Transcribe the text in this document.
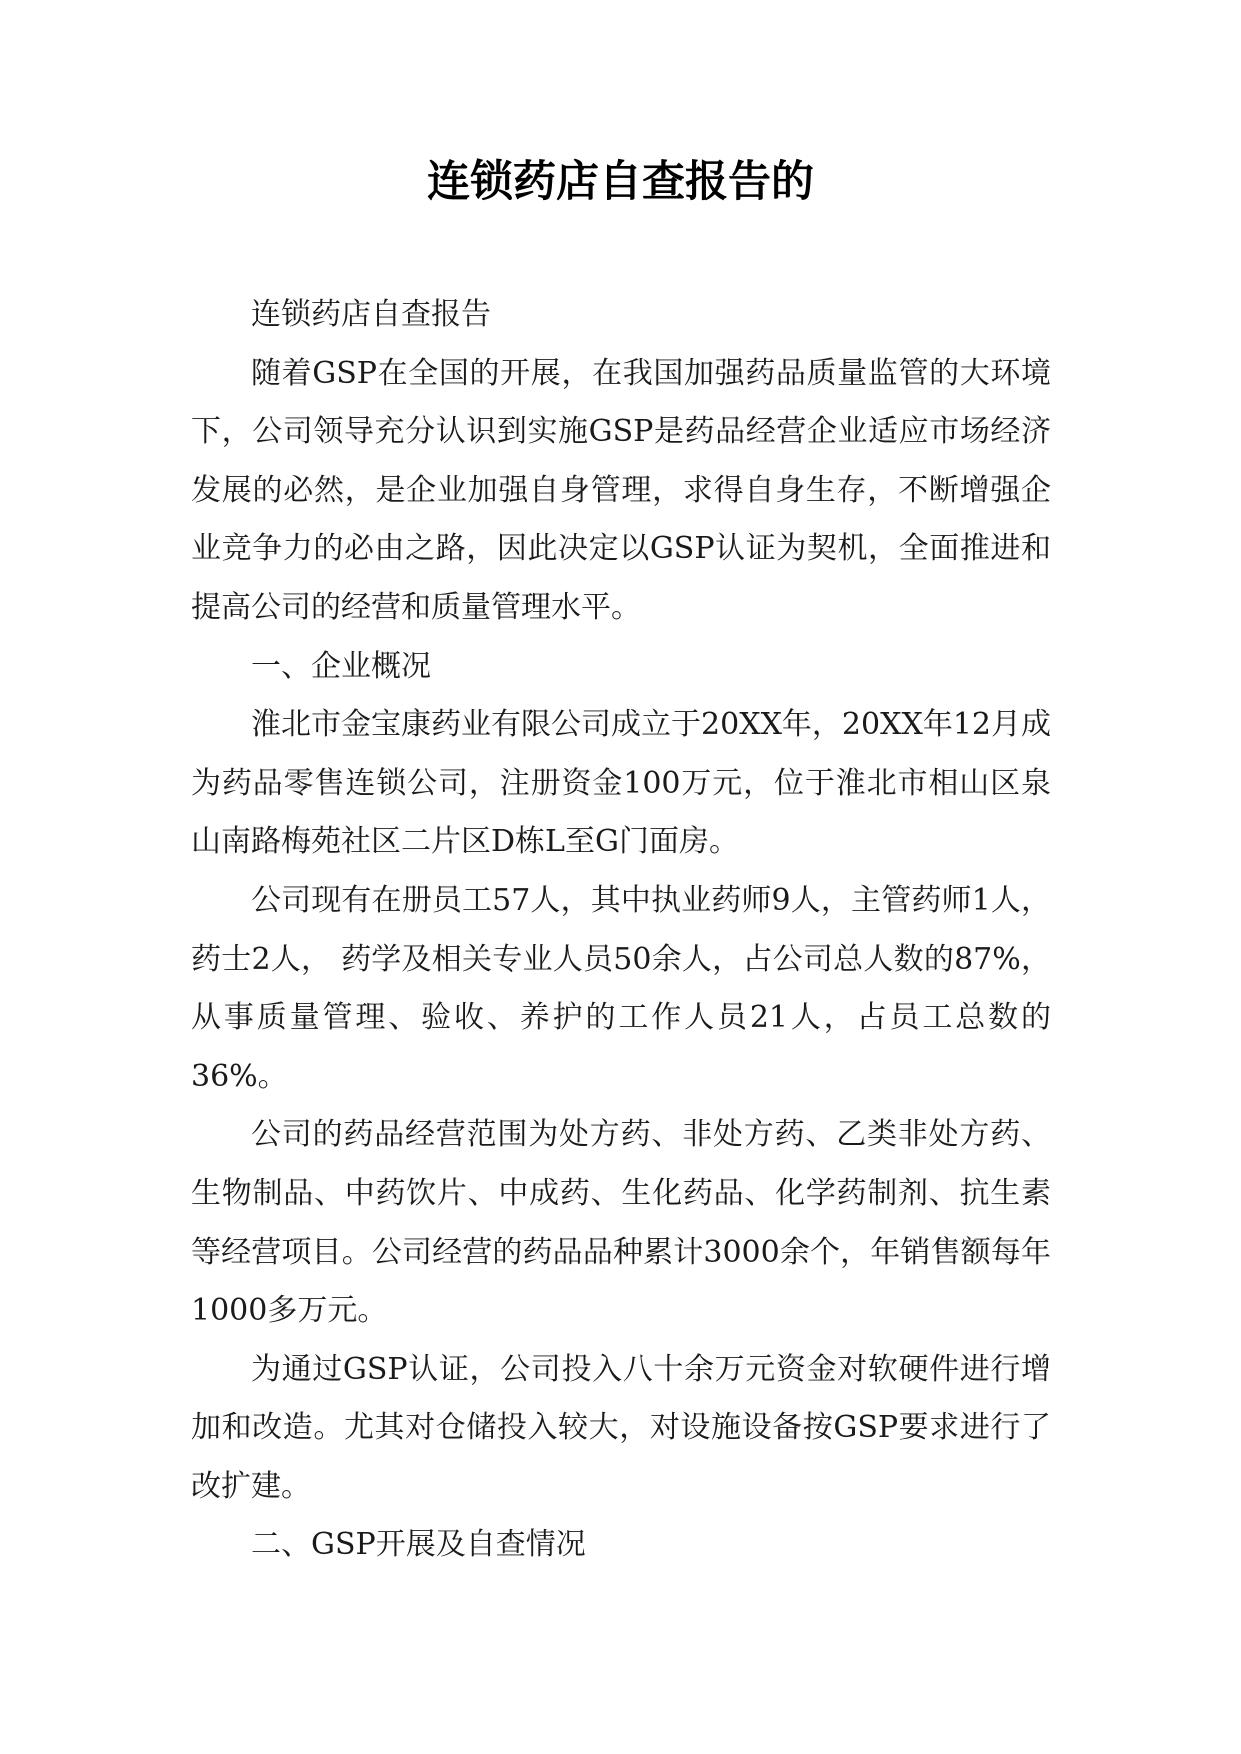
连锁药店自查报告的

连锁药店自查报告

随着GSP在全国的开展，在我国加强药品质量监管的大环境下，公司领导充分认识到实施GSP是药品经营企业适应市场经济发展的必然，是企业加强自身管理，求得自身生存，不断增强企业竞争力的必由之路，因此决定以GSP认证为契机，全面推进和提高公司的经营和质量管理水平。

一、企业概况

淮北市金宝康药业有限公司成立于20XX年，20XX年12月成为药品零售连锁公司，注册资金100万元，位于淮北市相山区泉山南路梅苑社区二片区D栋L至G门面房。

公司现有在册员工57人，其中执业药师9人，主管药师1人，药士2人， 药学及相关专业人员50余人，占公司总人数的87%，从事质量管理、验收、养护的工作人员21人，占员工总数的36%。

公司的药品经营范围为处方药、非处方药、乙类非处方药、生物制品、中药饮片、中成药、生化药品、化学药制剂、抗生素等经营项目。公司经营的药品品种累计3000余个，年销售额每年1000多万元。

为通过GSP认证，公司投入八十余万元资金对软硬件进行增加和改造。尤其对仓储投入较大，对设施设备按GSP要求进行了改扩建。

二、GSP开展及自查情况
